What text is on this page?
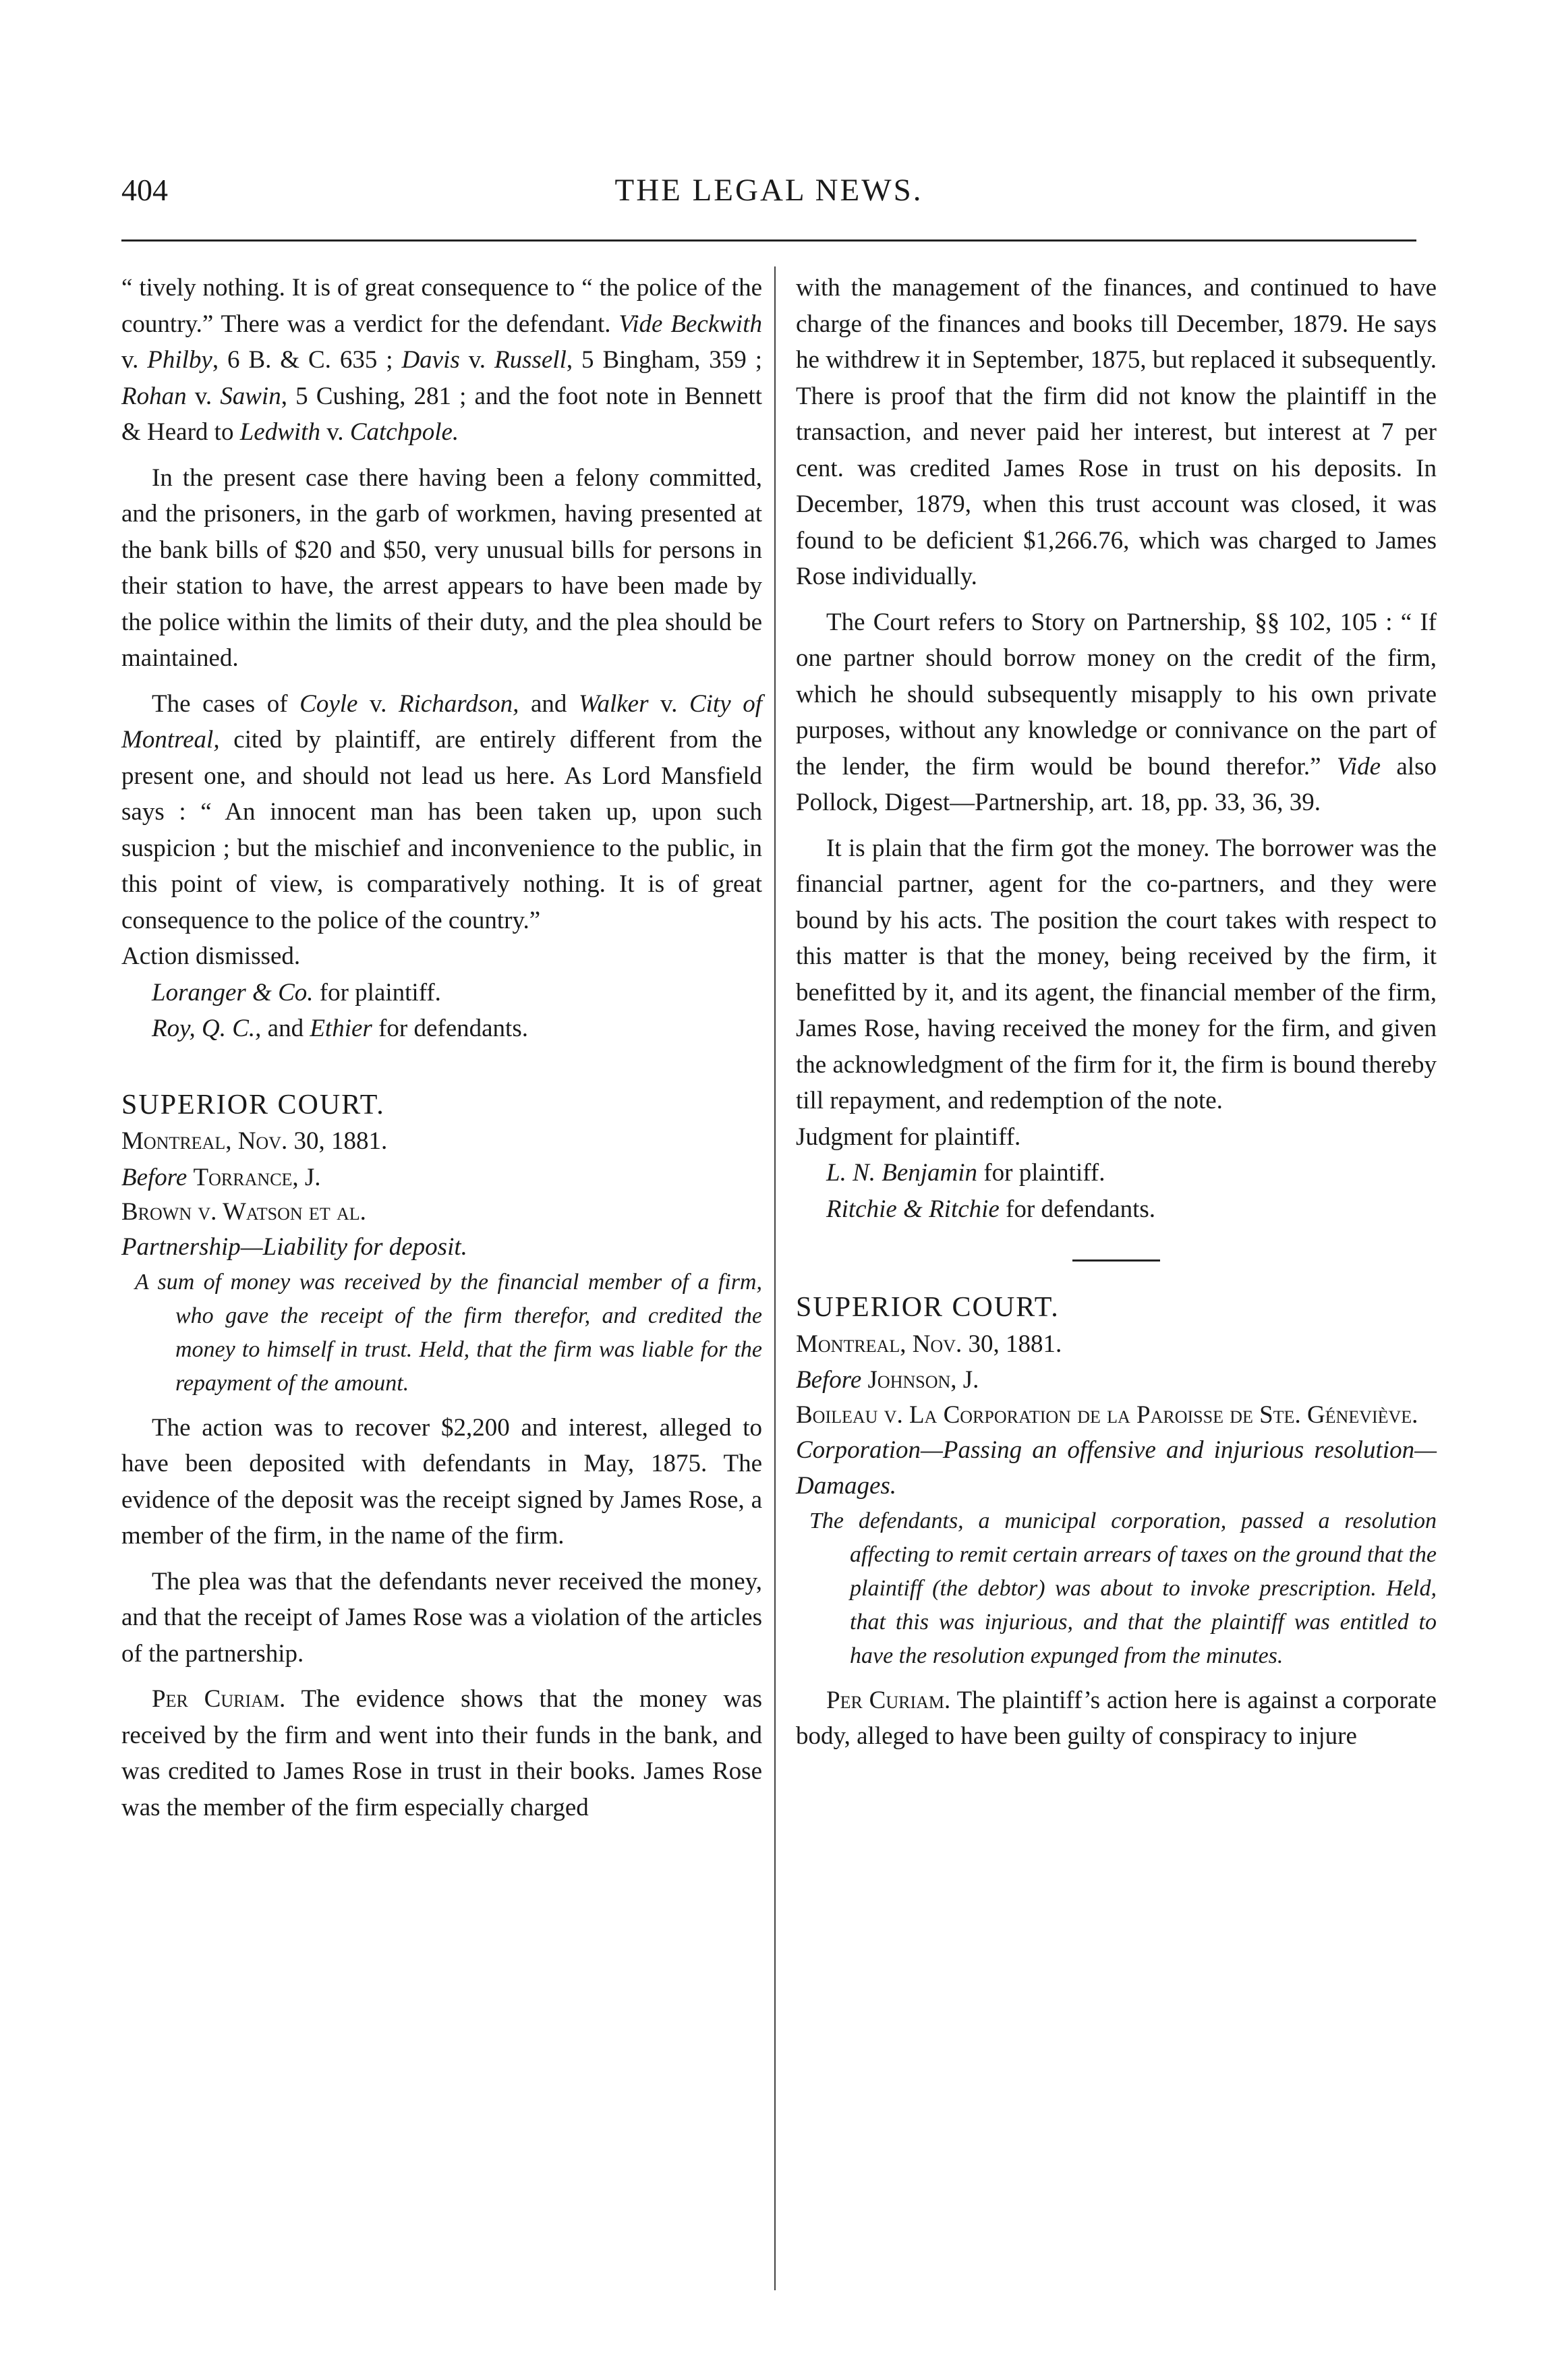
404	THE LEGAL NEWS.

“ tively nothing. It is of great consequence to “ the police of the country.” There was a verdict for the defendant. Vide Beckwith v. Philby, 6 B. & C. 635 ; Davis v. Russell, 5 Bingham, 359 ; Rohan v. Sawin, 5 Cushing, 281 ; and the foot note in Bennett & Heard to Ledwith v. Catchpole.

In the present case there having been a felony committed, and the prisoners, in the garb of workmen, having presented at the bank bills of $20 and $50, very unusual bills for persons in their station to have, the arrest appears to have been made by the police within the limits of their duty, and the plea should be maintained.

The cases of Coyle v. Richardson, and Walker v. City of Montreal, cited by plaintiff, are entirely different from the present one, and should not lead us here. As Lord Mansfield says : “ An innocent man has been taken up, upon such suspicion ; but the mischief and inconvenience to the public, in this point of view, is comparatively nothing. It is of great consequence to the police of the country.”

Action dismissed.

Loranger & Co. for plaintiff.

Roy, Q. C., and Ethier for defendants.

SUPERIOR COURT.

Montreal, Nov. 30, 1881.

Before Torrance, J.

Brown v. Watson et al.

Partnership—Liability for deposit.

A sum of money was received by the financial member of a firm, who gave the receipt of the firm therefor, and credited the money to himself in trust. Held, that the firm was liable for the repayment of the amount.

The action was to recover $2,200 and interest, alleged to have been deposited with defendants in May, 1875. The evidence of the deposit was the receipt signed by James Rose, a member of the firm, in the name of the firm.

The plea was that the defendants never received the money, and that the receipt of James Rose was a violation of the articles of the partnership.

Per Curiam. The evidence shows that the money was received by the firm and went into their funds in the bank, and was credited to James Rose in trust in their books. James Rose was the member of the firm especially charged

with the management of the finances, and continued to have charge of the finances and books till December, 1879. He says he withdrew it in September, 1875, but replaced it subsequently. There is proof that the firm did not know the plaintiff in the transaction, and never paid her interest, but interest at 7 per cent. was credited James Rose in trust on his deposits. In December, 1879, when this trust account was closed, it was found to be deficient $1,266.76, which was charged to James Rose individually.

The Court refers to Story on Partnership, §§ 102, 105 : “ If one partner should borrow money on the credit of the firm, which he should subsequently misapply to his own private purposes, without any knowledge or connivance on the part of the lender, the firm would be bound therefor.” Vide also Pollock, Digest—Partnership, art. 18, pp. 33, 36, 39.

It is plain that the firm got the money. The borrower was the financial partner, agent for the co-partners, and they were bound by his acts. The position the court takes with respect to this matter is that the money, being received by the firm, it benefitted by it, and its agent, the financial member of the firm, James Rose, having received the money for the firm, and given the acknowledgment of the firm for it, the firm is bound thereby till repayment, and redemption of the note.

Judgment for plaintiff.

L. N. Benjamin for plaintiff.

Ritchie & Ritchie for defendants.

SUPERIOR COURT.

Montreal, Nov. 30, 1881.

Before Johnson, J.

Boileau v. La Corporation de la Paroisse de Ste. Géneviève.

Corporation—Passing an offensive and injurious resolution—Damages.

The defendants, a municipal corporation, passed a resolution affecting to remit certain arrears of taxes on the ground that the plaintiff (the debtor) was about to invoke prescription. Held, that this was injurious, and that the plaintiff was entitled to have the resolution expunged from the minutes.

Per Curiam. The plaintiff’s action here is against a corporate body, alleged to have been guilty of conspiracy to injure
